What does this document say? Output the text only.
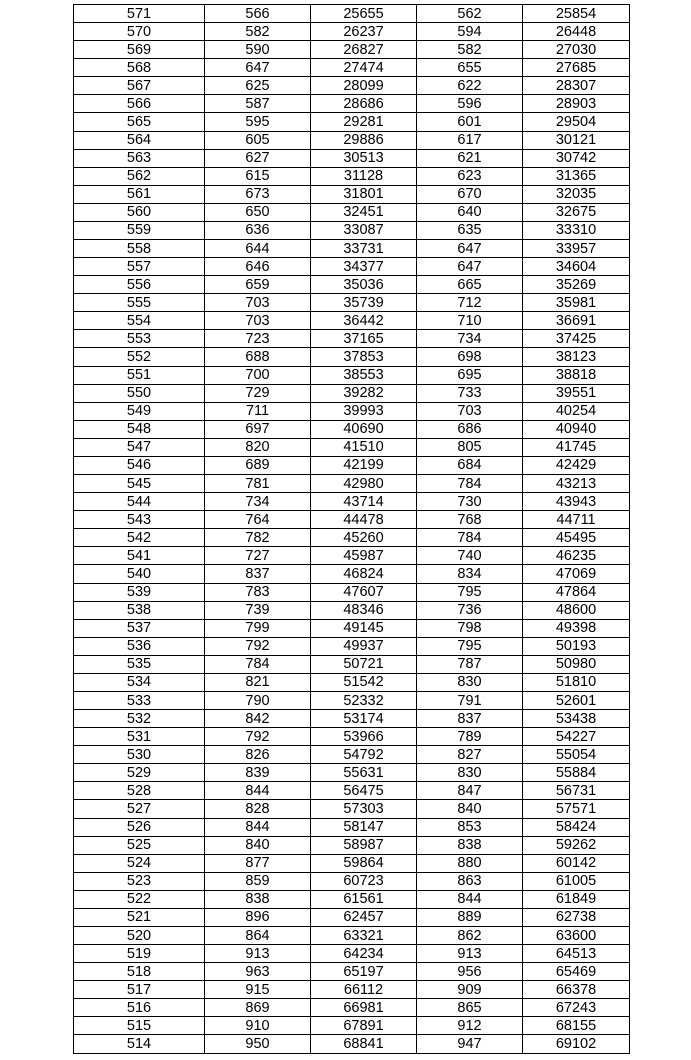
571	566	25655	562	25854
570	582	26237	594	26448
569	590	26827	582	27030
568	647	27474	655	27685
567	625	28099	622	28307
566	587	28686	596	28903
565	595	29281	601	29504
564	605	29886	617	30121
563	627	30513	621	30742
562	615	31128	623	31365
561	673	31801	670	32035
560	650	32451	640	32675
559	636	33087	635	33310
558	644	33731	647	33957
557	646	34377	647	34604
556	659	35036	665	35269
555	703	35739	712	35981
554	703	36442	710	36691
553	723	37165	734	37425
552	688	37853	698	38123
551	700	38553	695	38818
550	729	39282	733	39551
549	711	39993	703	40254
548	697	40690	686	40940
547	820	41510	805	41745
546	689	42199	684	42429
545	781	42980	784	43213
544	734	43714	730	43943
543	764	44478	768	44711
542	782	45260	784	45495
541	727	45987	740	46235
540	837	46824	834	47069
539	783	47607	795	47864
538	739	48346	736	48600
537	799	49145	798	49398
536	792	49937	795	50193
535	784	50721	787	50980
534	821	51542	830	51810
533	790	52332	791	52601
532	842	53174	837	53438
531	792	53966	789	54227
530	826	54792	827	55054
529	839	55631	830	55884
528	844	56475	847	56731
527	828	57303	840	57571
526	844	58147	853	58424
525	840	58987	838	59262
524	877	59864	880	60142
523	859	60723	863	61005
522	838	61561	844	61849
521	896	62457	889	62738
520	864	63321	862	63600
519	913	64234	913	64513
518	963	65197	956	65469
517	915	66112	909	66378
516	869	66981	865	67243
515	910	67891	912	68155
514	950	68841	947	69102
